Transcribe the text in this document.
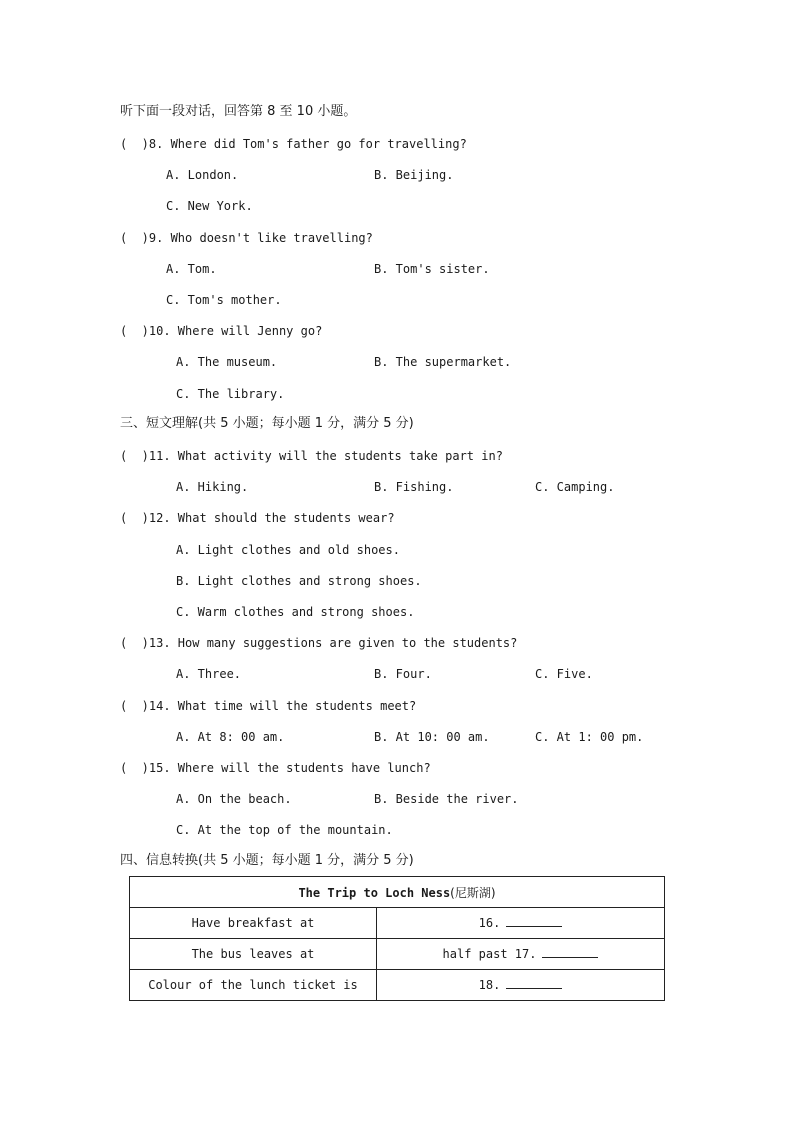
听下面一段对话，回答第 8 至 10 小题。
(  )8. Where did Tom's father go for travelling?
A. London.	B. Beijing.
C. New York.
(  )9. Who doesn't like travelling?
A. Tom.	B. Tom's sister.
C. Tom's mother.
(  )10. Where will Jenny go?
A. The museum.	B. The supermarket.
C. The library.
三、短文理解(共 5 小题；每小题 1 分，满分 5 分)
(  )11. What activity will the students take part in?
A. Hiking.	B. Fishing.	C. Camping.
(  )12. What should the students wear?
A. Light clothes and old shoes.
B. Light clothes and strong shoes.
C. Warm clothes and strong shoes.
(  )13. How many suggestions are given to the students?
A. Three.	B. Four.	C. Five.
(  )14. What time will the students meet?
A. At 8: 00 am.	B. At 10: 00 am.	C. At 1: 00 pm.
(  )15. Where will the students have lunch?
A. On the beach.	B. Beside the river.
C. At the top of the mountain.
四、信息转换(共 5 小题；每小题 1 分，满分 5 分)
The Trip to Loch Ness(尼斯湖)	
Have breakfast at	16.
The bus leaves at	half past 17.
Colour of the lunch ticket is	18.
